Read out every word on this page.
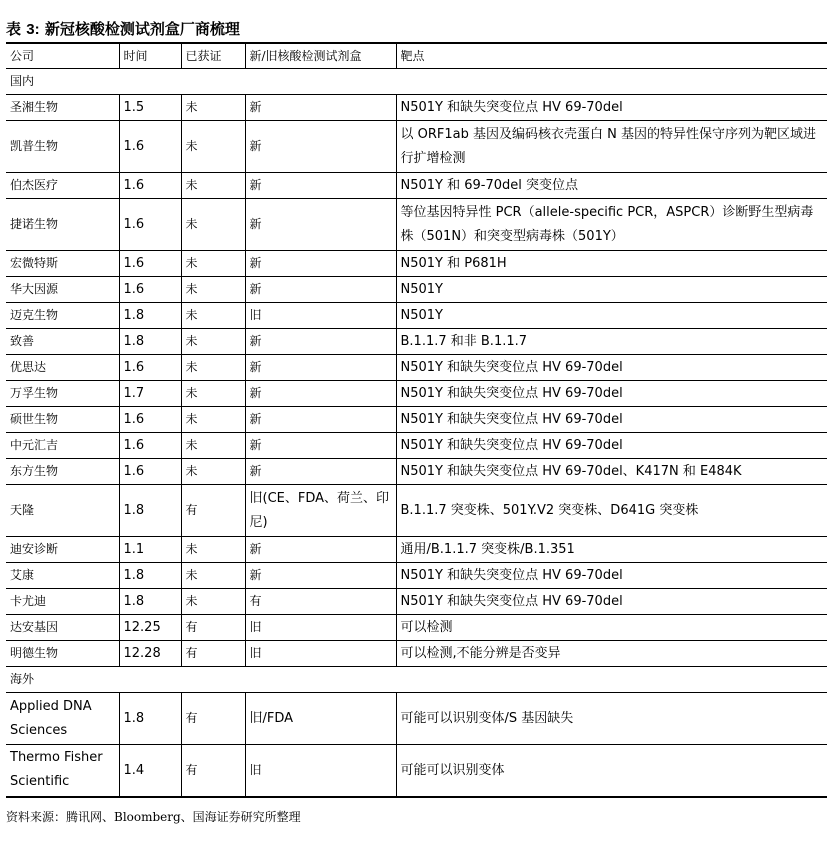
表 3: 新冠核酸检测试剂盒厂商梳理
公司	时间	已获证	新/旧核酸检测试剂盒	靶点
国内				
圣湘生物	1.5	未	新	N501Y 和缺失突变位点 HV 69-70del
凯普生物	1.6	未	新	以 ORF1ab 基因及编码核衣壳蛋白 N 基因的特异性保守序列为靶区域进行扩增检测
伯杰医疗	1.6	未	新	N501Y 和 69-70del 突变位点
捷诺生物	1.6	未	新	等位基因特异性 PCR（allele-specific PCR，ASPCR）诊断野生型病毒株（501N）和突变型病毒株（501Y）
宏微特斯	1.6	未	新	N501Y 和 P681H
华大因源	1.6	未	新	N501Y
迈克生物	1.8	未	旧	N501Y
致善	1.8	未	新	B.1.1.7 和非 B.1.1.7
优思达	1.6	未	新	N501Y 和缺失突变位点 HV 69-70del
万孚生物	1.7	未	新	N501Y 和缺失突变位点 HV 69-70del
硕世生物	1.6	未	新	N501Y 和缺失突变位点 HV 69-70del
中元汇吉	1.6	未	新	N501Y 和缺失突变位点 HV 69-70del
东方生物	1.6	未	新	N501Y 和缺失突变位点 HV 69-70del、K417N 和 E484K
天隆	1.8	有	旧(CE、FDA、荷兰、印尼)	B.1.1.7 突变株、501Y.V2 突变株、D641G 突变株
迪安诊断	1.1	未	新	通用/B.1.1.7 突变株/B.1.351
艾康	1.8	未	新	N501Y 和缺失突变位点 HV 69-70del
卡尤迪	1.8	未	有	N501Y 和缺失突变位点 HV 69-70del
达安基因	12.25	有	旧	可以检测
明德生物	12.28	有	旧	可以检测,不能分辨是否变异
海外				
Applied DNA Sciences	1.8	有	旧/FDA	可能可以识别变体/S 基因缺失
Thermo Fisher Scientific	1.4	有	旧	可能可以识别变体
资料来源：腾讯网、Bloomberg、国海证券研究所整理
